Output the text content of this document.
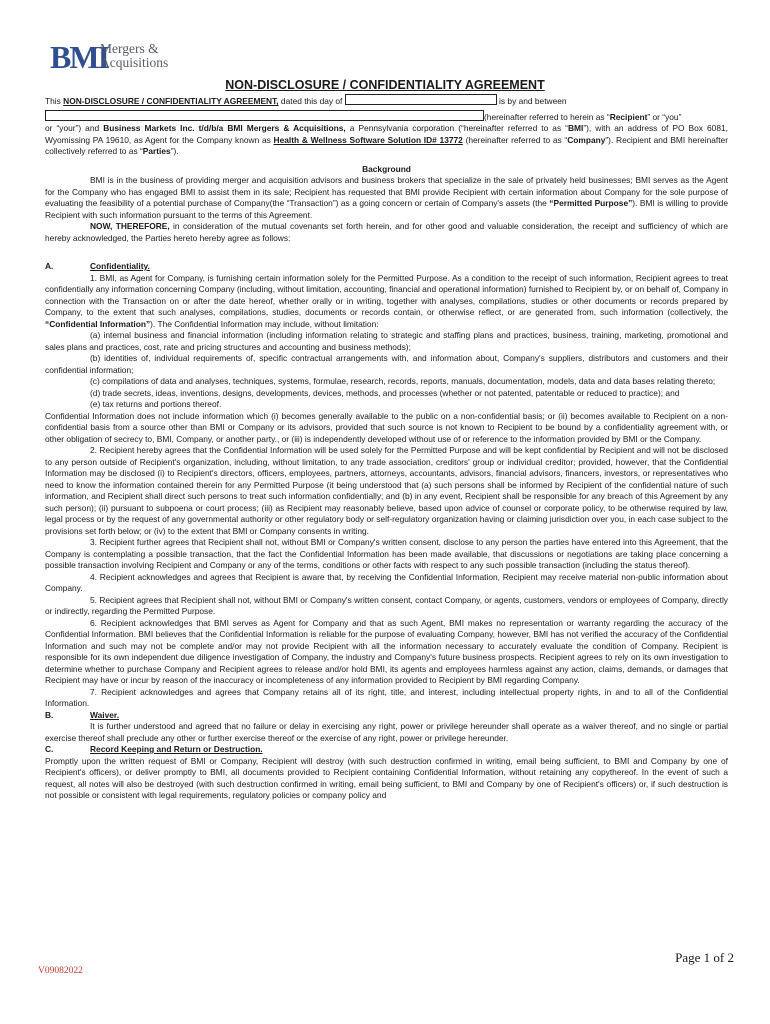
BMI
Mergers &
Acquisitions
NON-DISCLOSURE / CONFIDENTIALITY AGREEMENT

This NON-DISCLOSURE / CONFIDENTIALITY AGREEMENT, dated this day of	is by and between

(hereinafter referred to herein as “Recipient” or “you”

or “your”) and Business Markets Inc. t/d/b/a BMI Mergers & Acquisitions, a Pennsylvania corporation (“hereinafter referred to as “BMI”), with an address of PO Box 6081, Wyomissing PA 19610, as Agent for the Company known as Health & Wellness Software Solution ID# 13772 (hereinafter referred to as “Company”). Recipient and BMI hereinafter collectively referred to as “Parties”).

Background

BMI is in the business of providing merger and acquisition advisors and business brokers that specialize in the sale of privately held businesses; BMI serves as the Agent for the Company who has engaged BMI to assist them in its sale; Recipient has requested that BMI provide Recipient with certain information about Company for the sole purpose of evaluating the feasibility of a potential purchase of Company(the “Transaction”) as a going concern or certain of Company's assets (the “Permitted Purpose”). BMI is willing to provide Recipient with such information pursuant to the terms of this Agreement.

NOW, THEREFORE, in consideration of the mutual covenants set forth herein, and for other good and valuable consideration, the receipt and sufficiency of which are hereby acknowledged, the Parties hereto hereby agree as follows:

A.	Confidentiality.

1. BMI, as Agent for Company, is furnishing certain information solely for the Permitted Purpose. As a condition to the receipt of such information, Recipient agrees to treat confidentially any information concerning Company (including, without limitation, accounting, financial and operational information) furnished to Recipient by, or on behalf of, Company in connection with the Transaction on or after the date hereof, whether orally or in writing, together with analyses, compilations, studies or other documents or records prepared by Company, to the extent that such analyses, compilations, studies, documents or records contain, or otherwise reflect, or are generated from, such information (collectively, the “Confidential Information”). The Confidential Information may include, without limitation:

(a) internal business and financial information (including information relating to strategic and staffing plans and practices, business, training, marketing, promotional and sales plans and practices, cost, rate and pricing structures and accounting and business methods);

(b) identities of, individual requirements of, specific contractual arrangements with, and information about, Company's suppliers, distributors and customers and their confidential information;

(c) compilations of data and analyses, techniques, systems, formulae, research, records, reports, manuals, documentation, models, data and data bases relating thereto;

(d) trade secrets, ideas, inventions, designs, developments, devices, methods, and processes (whether or not patented, patentable or reduced to practice); and

(e) tax returns and portions thereof.

Confidential Information does not include information which (i) becomes generally available to the public on a non-confidential basis; or (ii) becomes available to Recipient on a non-confidential basis from a source other than BMI or Company or its advisors, provided that such source is not known to Recipient to be bound by a confidentiality agreement with, or other obligation of secrecy to, BMI, Company, or another party., or (iii) is independently developed without use of or reference to the information provided by BMI or the Company.

2. Recipient hereby agrees that the Confidential Information will be used solely for the Permitted Purpose and will be kept confidential by Recipient and will not be disclosed to any person outside of Recipient's organization, including, without limitation, to any trade association, creditors' group or individual creditor; provided, however, that the Confidential Information may be disclosed (i) to Recipient's directors, officers, employees, partners, attorneys, accountants, advisors, financial advisors, financers, investors, or representatives who need to know the information contained therein for any Permitted Purpose (it being understood that (a) such persons shall be informed by Recipient of the confidential nature of such information, and Recipient shall direct such persons to treat such information confidentially; and (b) in any event, Recipient shall be responsible for any breach of this Agreement by any such person); (ii) pursuant to subpoena or court process; (iii) as Recipient may reasonably believe, based upon advice of counsel or corporate policy, to be otherwise required by law, legal process or by the request of any governmental authority or other regulatory body or self-regulatory organization having or claiming jurisdiction over you, in each case subject to the provisions set forth below; or (iv) to the extent that BMI or Company consents in writing.

3. Recipient further agrees that Recipient shall not, without BMI or Company's written consent, disclose to any person the parties have entered into this Agreement, that the Company is contemplating a possible transaction, that the fact the Confidential Information has been made available, that discussions or negotiations are taking place concerning a possible transaction involving Recipient and Company or any of the terms, conditions or other facts with respect to any such possible transaction (including the status thereof).

4. Recipient acknowledges and agrees that Recipient is aware that, by receiving the Confidential Information, Recipient may receive material non-public information about Company.

5. Recipient agrees that Recipient shall not, without BMI or Company's written consent, contact Company, or agents, customers, vendors or employees of Company, directly or indirectly, regarding the Permitted Purpose.

6. Recipient acknowledges that BMI serves as Agent for Company and that as such Agent, BMI makes no representation or warranty regarding the accuracy of the Confidential Information. BMI believes that the Confidential Information is reliable for the purpose of evaluating Company, however, BMI has not verified the accuracy of the Confidential Information and such may not be complete and/or may not provide Recipient with all the information necessary to accurately evaluate the condition of Company. Recipient is responsible for its own independent due diligence investigation of Company, the industry and Company's future business prospects. Recipient agrees to rely on its own investigation to determine whether to purchase Company and Recipient agrees to release and/or hold BMI, its agents and employees harmless against any action, claims, demands, or damages that Recipient may have or incur by reason of the inaccuracy or incompleteness of any information provided to Recipient by BMI regarding Company.

7. Recipient acknowledges and agrees that Company retains all of its right, title, and interest, including intellectual property rights, in and to all of the Confidential Information.

B.	Waiver.

It is further understood and agreed that no failure or delay in exercising any right, power or privilege hereunder shall operate as a waiver thereof, and no single or partial exercise thereof shall preclude any other or further exercise thereof or the exercise of any right, power or privilege hereunder.

C.	Record Keeping and Return or Destruction.

Promptly upon the written request of BMI or Company, Recipient will destroy (with such destruction confirmed in writing, email being sufficient, to BMI and Company by one of Recipient's officers), or deliver promptly to BMI, all documents provided to Recipient containing Confidential Information, without retaining any copythereof. In the event of such a request, all notes will also be destroyed (with such destruction confirmed in writing, email being sufficient, to BMI and Company by one of Recipient's officers) or, if such destruction is not possible or consistent with legal requirements, regulatory policies or company policy and

Page 1 of 2
V09082022
